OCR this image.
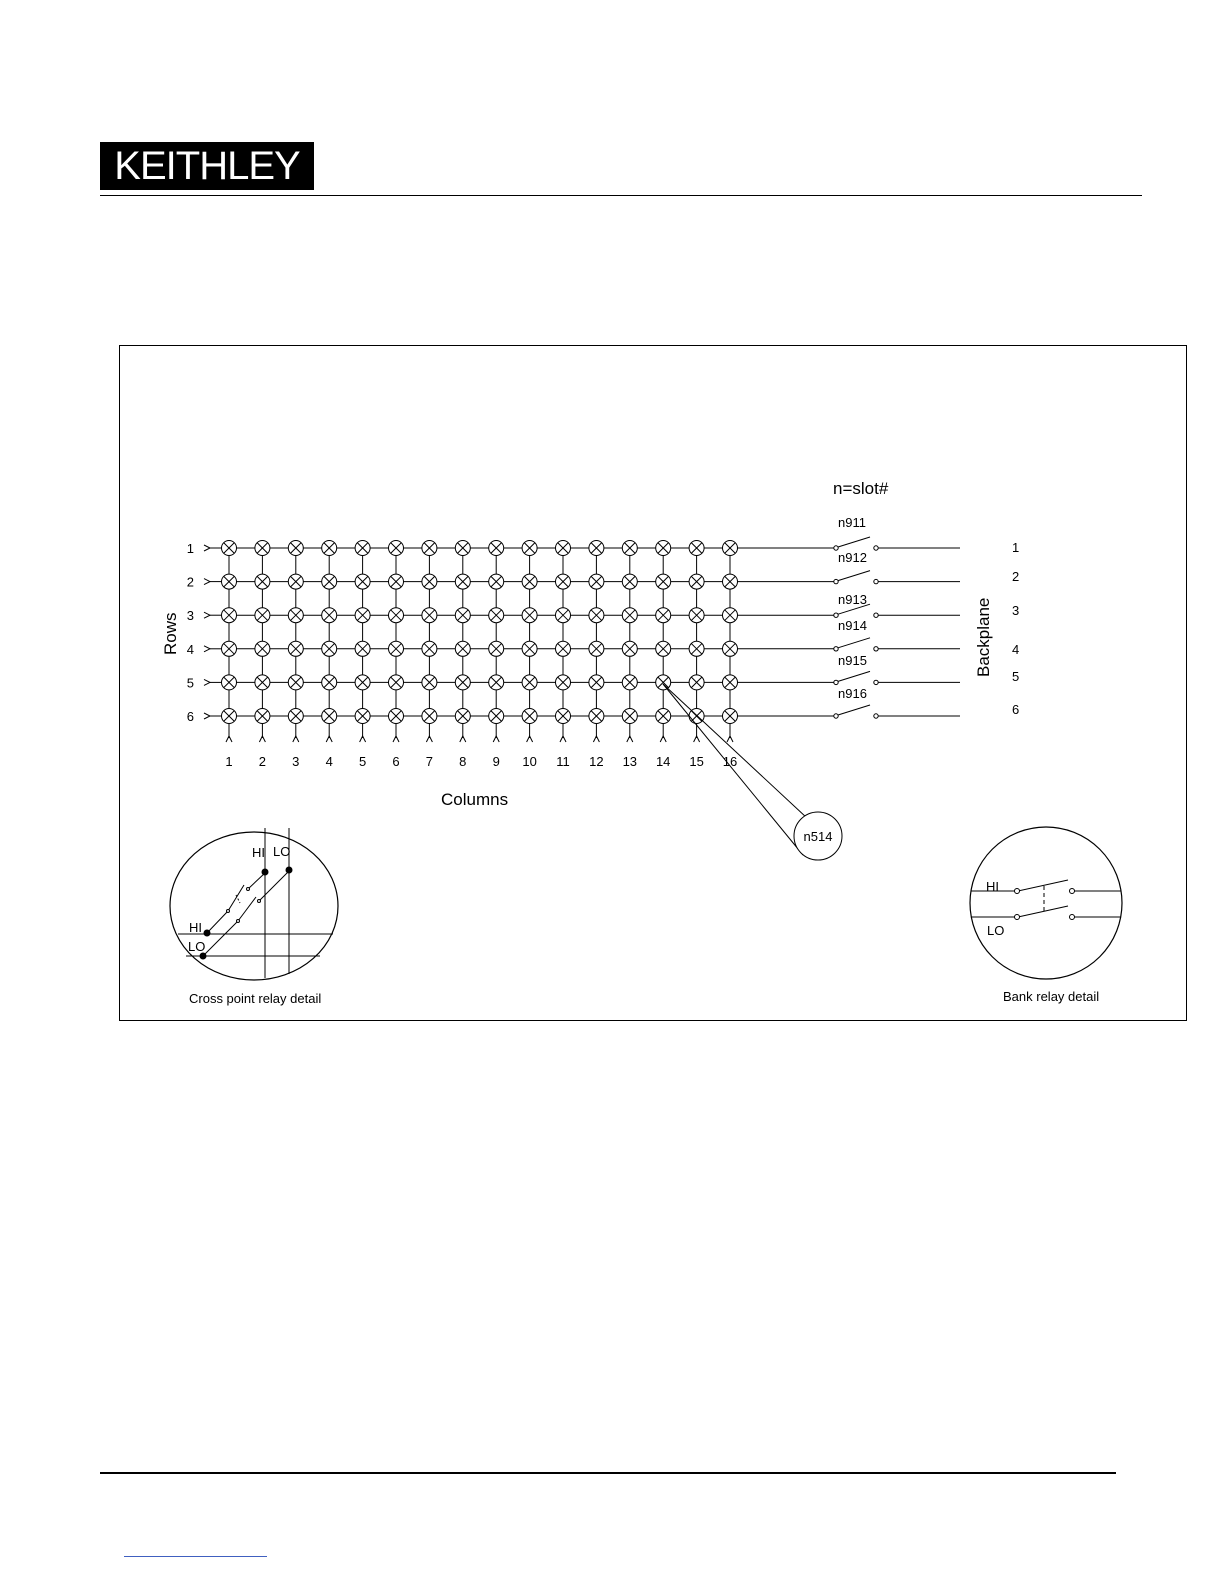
KEITHLEY
1
2
3
4
5
6
1 2 3 4 5 6 7 8 9 10 11 12 13 14 15 16
n911
n912
n913
n914
n915
n916
1
2
3
4
5
6
n=slot#
Rows
Columns
Backplane
n514
HI LO
HI
LO
Cross point relay detail
HI
LO
Bank relay detail
